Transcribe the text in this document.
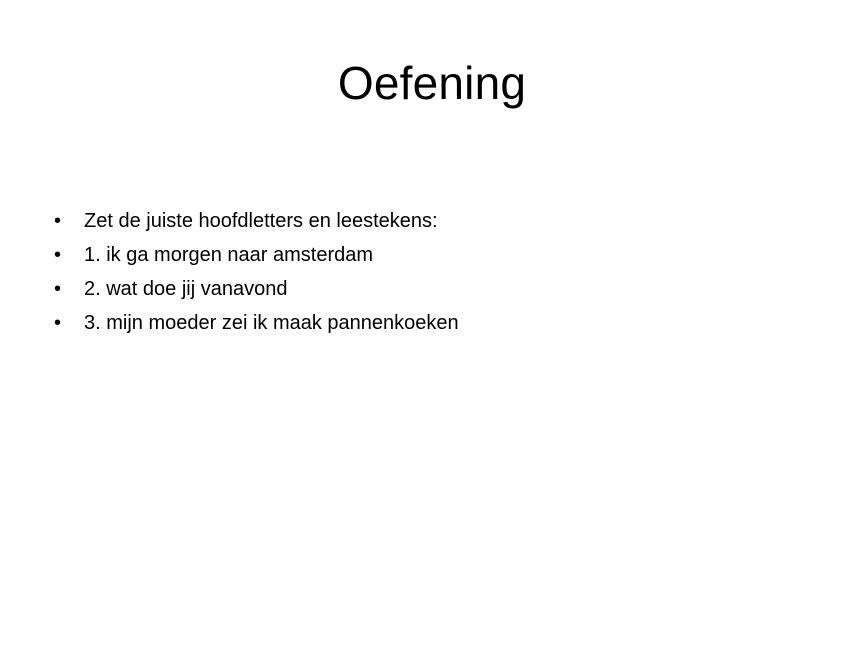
Oefening
•	Zet de juiste hoofdletters en leestekens:
•	1. ik ga morgen naar amsterdam
•	2. wat doe jij vanavond
•	3. mijn moeder zei ik maak pannenkoeken
